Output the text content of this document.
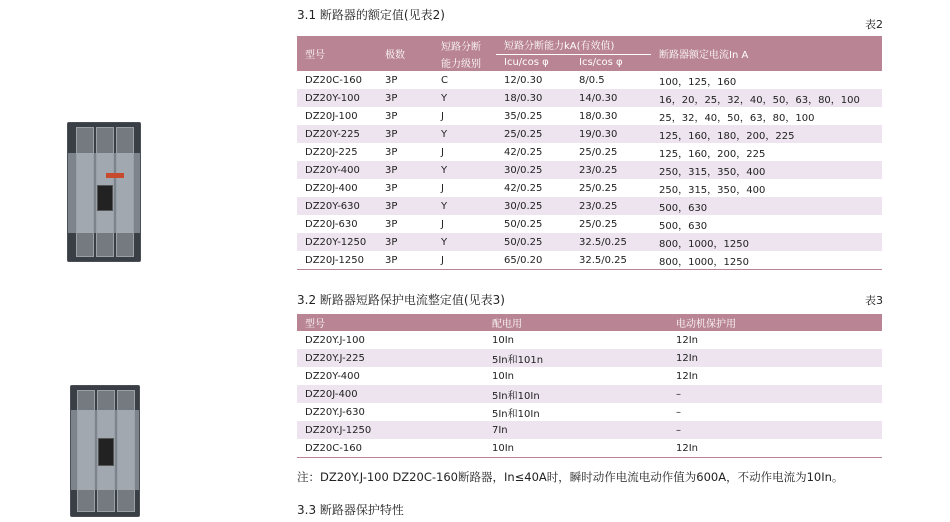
3.1 断路器的额定值(见表2)
表2
型号	极数	短路分断	短路分断能力kA(有效值)		断路器额定电流In A
		能力级别	Icu/cos φ	Ics/cos φ	
DZ20C-160	3P	C	12/0.30	8/0.5	100，125，160
DZ20Y-100	3P	Y	18/0.30	14/0.30	16，20，25，32，40，50，63，80，100
DZ20J-100	3P	J	35/0.25	18/0.30	25，32，40，50，63，80，100
DZ20Y-225	3P	Y	25/0.25	19/0.30	125，160，180，200，225
DZ20J-225	3P	J	42/0.25	25/0.25	125，160，200，225
DZ20Y-400	3P	Y	30/0.25	23/0.25	250，315，350，400
DZ20J-400	3P	J	42/0.25	25/0.25	250，315，350，400
DZ20Y-630	3P	Y	30/0.25	23/0.25	500，630
DZ20J-630	3P	J	50/0.25	25/0.25	500，630
DZ20Y-1250	3P	Y	50/0.25	32.5/0.25	800，1000，1250
DZ20J-1250	3P	J	65/0.20	32.5/0.25	800，1000，1250
3.2 断路器短路保护电流整定值(见表3)	表3
型号	配电用	电动机保护用
DZ20Y.J-100	10In	12In
DZ20Y.J-225	5In和101n	12In
DZ20Y-400	10In	12In
DZ20J-400	5In和10In	–
DZ20Y.J-630	5In和10In	–
DZ20Y.J-1250	7In	–
DZ20C-160	10In	12In
注：DZ20Y.J-100 DZ20C-160断路器，In≤40A时，瞬时动作电流电动作值为600A，不动作电流为10In。
3.3 断路器保护特性
